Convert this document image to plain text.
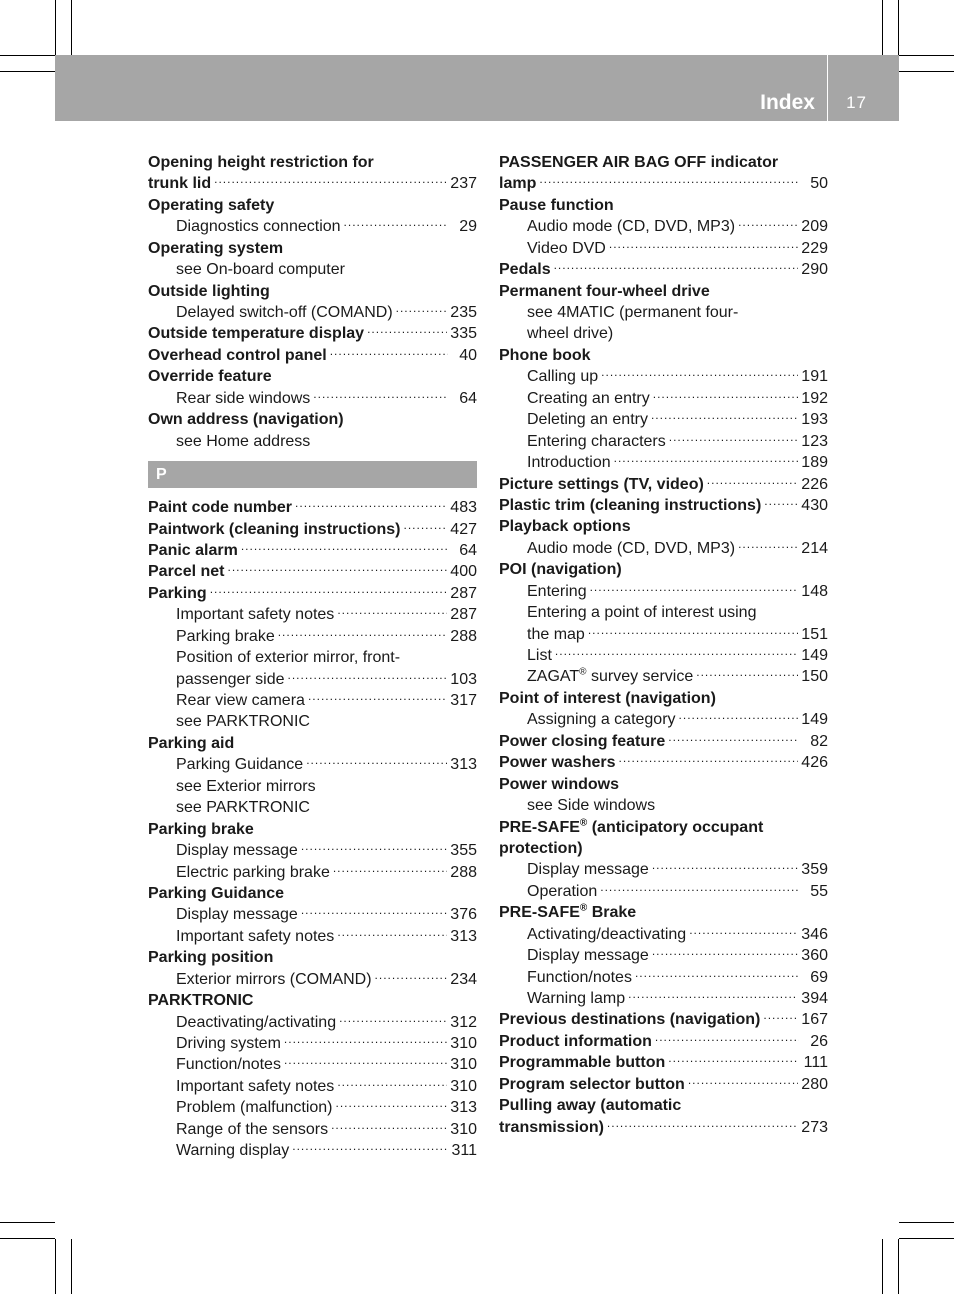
Index 17
Opening height restriction for
trunk lid .....	237
Operating safety
Diagnostics connection .....	29
Operating system
see On-board computer
Outside lighting
Delayed switch-off (COMAND) .....	235
Outside temperature display .....	335
Overhead control panel .....	40
Override feature
Rear side windows .....	64
Own address (navigation)
see Home address
P
Paint code number .....	483
Paintwork (cleaning instructions) .....	427
Panic alarm .....	64
Parcel net .....	400
Parking .....	287
Important safety notes .....	287
Parking brake .....	288
Position of exterior mirror, front-
passenger side .....	103
Rear view camera .....	317
see PARKTRONIC
Parking aid
Parking Guidance .....	313
see Exterior mirrors
see PARKTRONIC
Parking brake
Display message .....	355
Electric parking brake .....	288
Parking Guidance
Display message .....	376
Important safety notes .....	313
Parking position
Exterior mirrors (COMAND) .....	234
PARKTRONIC
Deactivating/activating .....	312
Driving system .....	310
Function/notes .....	310
Important safety notes .....	310
Problem (malfunction) .....	313
Range of the sensors .....	310
Warning display .....	311
PASSENGER AIR BAG OFF indicator
lamp .....	50
Pause function
Audio mode (CD, DVD, MP3) .....	209
Video DVD .....	229
Pedals .....	290
Permanent four-wheel drive
see 4MATIC (permanent four-
wheel drive)
Phone book
Calling up .....	191
Creating an entry .....	192
Deleting an entry .....	193
Entering characters .....	123
Introduction .....	189
Picture settings (TV, video) .....	226
Plastic trim (cleaning instructions) .....	430
Playback options
Audio mode (CD, DVD, MP3) .....	214
POI (navigation)
Entering .....	148
Entering a point of interest using
the map .....	151
List .....	149
ZAGAT® survey service .....	150
Point of interest (navigation)
Assigning a category .....	149
Power closing feature .....	82
Power washers .....	426
Power windows
see Side windows
PRE-SAFE® (anticipatory occupant
protection)
Display message .....	359
Operation .....	55
PRE-SAFE® Brake
Activating/deactivating .....	346
Display message .....	360
Function/notes .....	69
Warning lamp .....	394
Previous destinations (navigation) .....	167
Product information .....	26
Programmable button .....	111
Program selector button .....	280
Pulling away (automatic
transmission) .....	273
